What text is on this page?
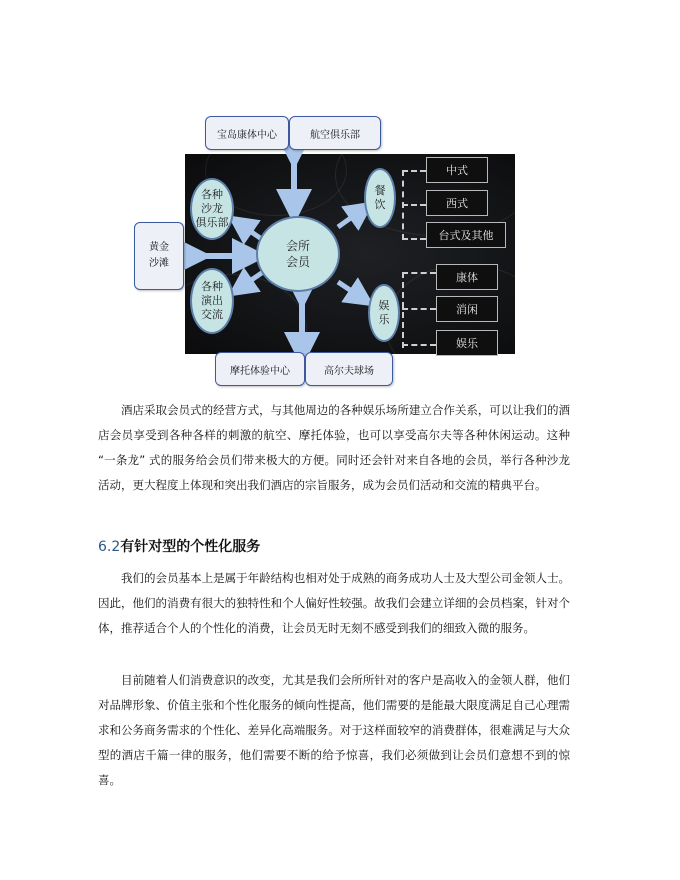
宝岛康体中心	航空俱乐部
摩托体验中心	高尔夫球场
黄金
沙滩
会所
会员
各种
沙龙
俱乐部
各种
演出
交流
餐
饮
娱
乐
中式
西式
台式及其他
康体
消闲
娱乐

酒店采取会员式的经营方式，与其他周边的各种娱乐场所建立合作关系，可以让我们的酒店会员享受到各种各样的刺激的航空、摩托体验，也可以享受高尔夫等各种休闲运动。这种 “一条龙” 式的服务给会员们带来极大的方便。同时还会针对来自各地的会员，举行各种沙龙活动，更大程度上体现和突出我们酒店的宗旨服务，成为会员们活动和交流的精典平台。

6.2有针对型的个性化服务

我们的会员基本上是属于年龄结构也相对处于成熟的商务成功人士及大型公司金领人士。因此，他们的消费有很大的独特性和个人偏好性较强。故我们会建立详细的会员档案，针对个体，推荐适合个人的个性化的消费，让会员无时无刻不感受到我们的细致入微的服务。

目前随着人们消费意识的改变，尤其是我们会所所针对的客户是高收入的金领人群，他们对品牌形象、价值主张和个性化服务的倾向性提高，他们需要的是能最大限度满足自己心理需求和公务商务需求的个性化、差异化高端服务。对于这样面较窄的消费群体，很难满足与大众型的酒店千篇一律的服务，他们需要不断的给予惊喜，我们必须做到让会员们意想不到的惊喜。
